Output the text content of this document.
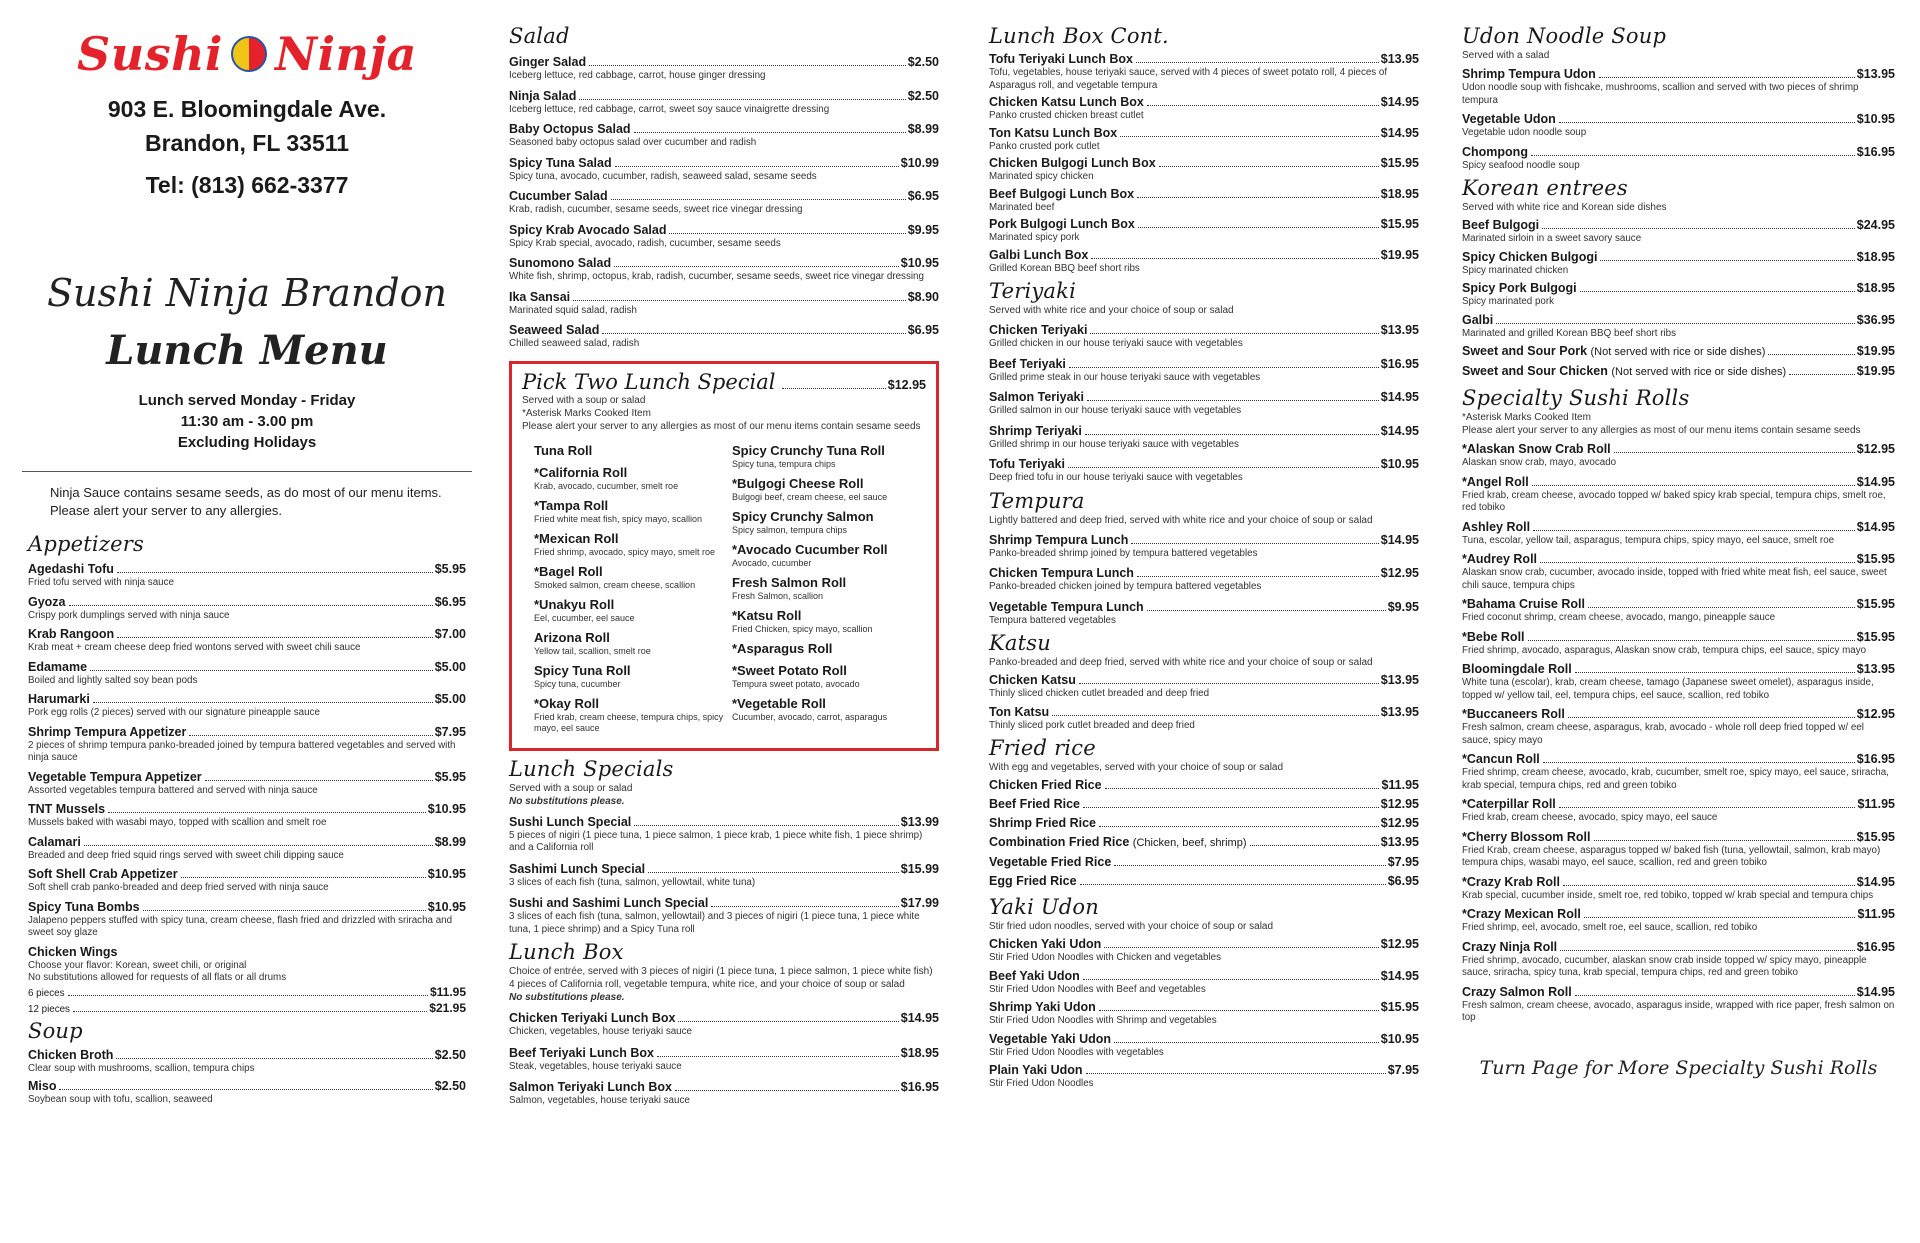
Sushi Ninja
903 E. Bloomingdale Ave.
Brandon, FL 33511
Tel: (813) 662-3377
Sushi Ninja Brandon
Lunch Menu
Lunch served Monday - Friday
11:30 am - 3.00 pm
Excluding Holidays
Ninja Sauce contains sesame seeds, as do most of our menu items.
Please alert your server to any allergies.
Appetizers
Agedashi Tofu	$5.95
Fried tofu served with ninja sauce
Gyoza	$6.95
Crispy pork dumplings served with ninja sauce
Krab Rangoon	$7.00
Krab meat + cream cheese deep fried wontons served with sweet chili sauce
Edamame	$5.00
Boiled and lightly salted soy bean pods
Harumarki	$5.00
Pork egg rolls (2 pieces) served with our signature pineapple sauce
Shrimp Tempura Appetizer	$7.95
2 pieces of shrimp tempura panko-breaded joined by tempura battered vegetables and served with ninja sauce
Vegetable Tempura Appetizer	$5.95
Assorted vegetables tempura battered and served with ninja sauce
TNT Mussels	$10.95
Mussels baked with wasabi mayo, topped with scallion and smelt roe
Calamari	$8.99
Breaded and deep fried squid rings served with sweet chili dipping sauce
Soft Shell Crab Appetizer	$10.95
Soft shell crab panko-breaded and deep fried served with ninja sauce
Spicy Tuna Bombs	$10.95
Jalapeno peppers stuffed with spicy tuna, cream cheese, flash fried and drizzled with sriracha and sweet soy glaze
Chicken Wings
Choose your flavor: Korean, sweet chili, or original
No substitutions allowed for requests of all flats or all drums
6 pieces	$11.95
12 pieces	$21.95
Soup
Chicken Broth	$2.50
Clear soup with mushrooms, scallion, tempura chips
Miso	$2.50
Soybean soup with tofu, scallion, seaweed
Salad
Ginger Salad	$2.50
Iceberg lettuce, red cabbage, carrot, house ginger dressing
Ninja Salad	$2.50
Iceberg lettuce, red cabbage, carrot, sweet soy sauce vinaigrette dressing
Baby Octopus Salad	$8.99
Seasoned baby octopus salad over cucumber and radish
Spicy Tuna Salad	$10.99
Spicy tuna, avocado, cucumber, radish, seaweed salad, sesame seeds
Cucumber Salad	$6.95
Krab, radish, cucumber, sesame seeds, sweet rice vinegar dressing
Spicy Krab Avocado Salad	$9.95
Spicy Krab special, avocado, radish, cucumber, sesame seeds
Sunomono Salad	$10.95
White fish, shrimp, octopus, krab, radish, cucumber, sesame seeds, sweet rice vinegar dressing
Ika Sansai	$8.90
Marinated squid salad, radish
Seaweed Salad	$6.95
Chilled seaweed salad, radish
Pick Two Lunch Special	$12.95
Served with a soup or salad
*Asterisk Marks Cooked Item
Please alert your server to any allergies as most of our menu items contain sesame seeds
Tuna Roll
*California Roll
Krab, avocado, cucumber, smelt roe
*Tampa Roll
Fried white meat fish, spicy mayo, scallion
*Mexican Roll
Fried shrimp, avocado, spicy mayo, smelt roe
*Bagel Roll
Smoked salmon, cream cheese, scallion
*Unakyu Roll
Eel, cucumber, eel sauce
Arizona Roll
Yellow tail, scallion, smelt roe
Spicy Tuna Roll
Spicy tuna, cucumber
*Okay Roll
Fried krab, cream cheese, tempura chips, spicy mayo, eel sauce
Spicy Crunchy Tuna Roll
Spicy tuna, tempura chips
*Bulgogi Cheese Roll
Bulgogi beef, cream cheese, eel sauce
Spicy Crunchy Salmon
Spicy salmon, tempura chips
*Avocado Cucumber Roll
Avocado, cucumber
Fresh Salmon Roll
Fresh Salmon, scallion
*Katsu Roll
Fried Chicken, spicy mayo, scallion
*Asparagus Roll
*Sweet Potato Roll
Tempura sweet potato, avocado
*Vegetable Roll
Cucumber, avocado, carrot, asparagus
Lunch Specials
Served with a soup or salad
No substitutions please.
Sushi Lunch Special	$13.99
5 pieces of nigiri (1 piece tuna, 1 piece salmon, 1 piece krab, 1 piece white fish, 1 piece shrimp) and a California roll
Sashimi Lunch Special	$15.99
3 slices of each fish (tuna, salmon, yellowtail, white tuna)
Sushi and Sashimi Lunch Special	$17.99
3 slices of each fish (tuna, salmon, yellowtail) and 3 pieces of nigiri (1 piece tuna, 1 piece white tuna, 1 piece shrimp) and a Spicy Tuna roll
Lunch Box
Choice of entrée, served with 3 pieces of nigiri (1 piece tuna, 1 piece salmon, 1 piece white fish) 4 pieces of California roll, vegetable tempura, white rice, and your choice of soup or salad
No substitutions please.
Chicken Teriyaki Lunch Box	$14.95
Chicken, vegetables, house teriyaki sauce
Beef Teriyaki Lunch Box	$18.95
Steak, vegetables, house teriyaki sauce
Salmon Teriyaki Lunch Box	$16.95
Salmon, vegetables, house teriyaki sauce
Lunch Box Cont.
Tofu Teriyaki Lunch Box	$13.95
Tofu, vegetables, house teriyaki sauce, served with 4 pieces of sweet potato roll, 4 pieces of Asparagus roll, and vegetable tempura
Chicken Katsu Lunch Box	$14.95
Panko crusted chicken breast cutlet
Ton Katsu Lunch Box	$14.95
Panko crusted pork cutlet
Chicken Bulgogi Lunch Box	$15.95
Marinated spicy chicken
Beef Bulgogi Lunch Box	$18.95
Marinated beef
Pork Bulgogi Lunch Box	$15.95
Marinated spicy pork
Galbi Lunch Box	$19.95
Grilled Korean BBQ beef short ribs
Teriyaki
Served with white rice and your choice of soup or salad
Chicken Teriyaki	$13.95
Grilled chicken in our house teriyaki sauce with vegetables
Beef Teriyaki	$16.95
Grilled prime steak in our house teriyaki sauce with vegetables
Salmon Teriyaki	$14.95
Grilled salmon in our house teriyaki sauce with vegetables
Shrimp Teriyaki	$14.95
Grilled shrimp in our house teriyaki sauce with vegetables
Tofu Teriyaki	$10.95
Deep fried tofu in our house teriyaki sauce with vegetables
Tempura
Lightly battered and deep fried, served with white rice and your choice of soup or salad
Shrimp Tempura Lunch	$14.95
Panko-breaded shrimp joined by tempura battered vegetables
Chicken Tempura Lunch	$12.95
Panko-breaded chicken joined by tempura battered vegetables
Vegetable Tempura Lunch	$9.95
Tempura battered vegetables
Katsu
Panko-breaded and deep fried, served with white rice and your choice of soup or salad
Chicken Katsu	$13.95
Thinly sliced chicken cutlet breaded and deep fried
Ton Katsu	$13.95
Thinly sliced pork cutlet breaded and deep fried
Fried rice
With egg and vegetables, served with your choice of soup or salad
Chicken Fried Rice	$11.95
Beef Fried Rice	$12.95
Shrimp Fried Rice	$12.95
Combination Fried Rice (Chicken, beef, shrimp)	$13.95
Vegetable Fried Rice	$7.95
Egg Fried Rice	$6.95
Yaki Udon
Stir fried udon noodles, served with your choice of soup or salad
Chicken Yaki Udon	$12.95
Stir Fried Udon Noodles with Chicken and vegetables
Beef Yaki Udon	$14.95
Stir Fried Udon Noodles with Beef and vegetables
Shrimp Yaki Udon	$15.95
Stir Fried Udon Noodles with Shrimp and vegetables
Vegetable Yaki Udon	$10.95
Stir Fried Udon Noodles with vegetables
Plain Yaki Udon	$7.95
Stir Fried Udon Noodles
Udon Noodle Soup
Served with a salad
Shrimp Tempura Udon	$13.95
Udon noodle soup with fishcake, mushrooms, scallion and served with two pieces of shrimp tempura
Vegetable Udon	$10.95
Vegetable udon noodle soup
Chompong	$16.95
Spicy seafood noodle soup
Korean entrees
Served with white rice and Korean side dishes
Beef Bulgogi	$24.95
Marinated sirloin in a sweet savory sauce
Spicy Chicken Bulgogi	$18.95
Spicy marinated chicken
Spicy Pork Bulgogi	$18.95
Spicy marinated pork
Galbi	$36.95
Marinated and grilled Korean BBQ beef short ribs
Sweet and Sour Pork (Not served with rice or side dishes)	$19.95
Sweet and Sour Chicken (Not served with rice or side dishes)	$19.95
Specialty Sushi Rolls
*Asterisk Marks Cooked Item
Please alert your server to any allergies as most of our menu items contain sesame seeds
*Alaskan Snow Crab Roll	$12.95
Alaskan snow crab, mayo, avocado
*Angel Roll	$14.95
Fried krab, cream cheese, avocado topped w/ baked spicy krab special, tempura chips, smelt roe, red tobiko
Ashley Roll	$14.95
Tuna, escolar, yellow tail, asparagus, tempura chips, spicy mayo, eel sauce, smelt roe
*Audrey Roll	$15.95
Alaskan snow crab, cucumber, avocado inside, topped with fried white meat fish, eel sauce, sweet chili sauce, tempura chips
*Bahama Cruise Roll	$15.95
Fried coconut shrimp, cream cheese, avocado, mango, pineapple sauce
*Bebe Roll	$15.95
Fried shrimp, avocado, asparagus, Alaskan snow crab, tempura chips, eel sauce, spicy mayo
Bloomingdale Roll	$13.95
White tuna (escolar), krab, cream cheese, tamago (Japanese sweet omelet), asparagus inside, topped w/ yellow tail, eel, tempura chips, eel sauce, scallion, red tobiko
*Buccaneers Roll	$12.95
Fresh salmon, cream cheese, asparagus, krab, avocado - whole roll deep fried topped w/ eel sauce, spicy mayo
*Cancun Roll	$16.95
Fried shrimp, cream cheese, avocado, krab, cucumber, smelt roe, spicy mayo, eel sauce, sriracha, krab special, tempura chips, red and green tobiko
*Caterpillar Roll	$11.95
Fried krab, cream cheese, avocado, spicy mayo, eel sauce
*Cherry Blossom Roll	$15.95
Fried Krab, cream cheese, asparagus topped w/ baked fish (tuna, yellowtail, salmon, krab mayo) tempura chips, wasabi mayo, eel sauce, scallion, red and green tobiko
*Crazy Krab Roll	$14.95
Krab special, cucumber inside, smelt roe, red tobiko, topped w/ krab special and tempura chips
*Crazy Mexican Roll	$11.95
Fried shrimp, eel, avocado, smelt roe, eel sauce, scallion, red tobiko
Crazy Ninja Roll	$16.95
Fried shrimp, avocado, cucumber, alaskan snow crab inside topped w/ spicy mayo, pineapple sauce, sriracha, spicy tuna, krab special, tempura chips, red and green tobiko
Crazy Salmon Roll	$14.95
Fresh salmon, cream cheese, avocado, asparagus inside, wrapped with rice paper, fresh salmon on top
Turn Page for More Specialty Sushi Rolls
